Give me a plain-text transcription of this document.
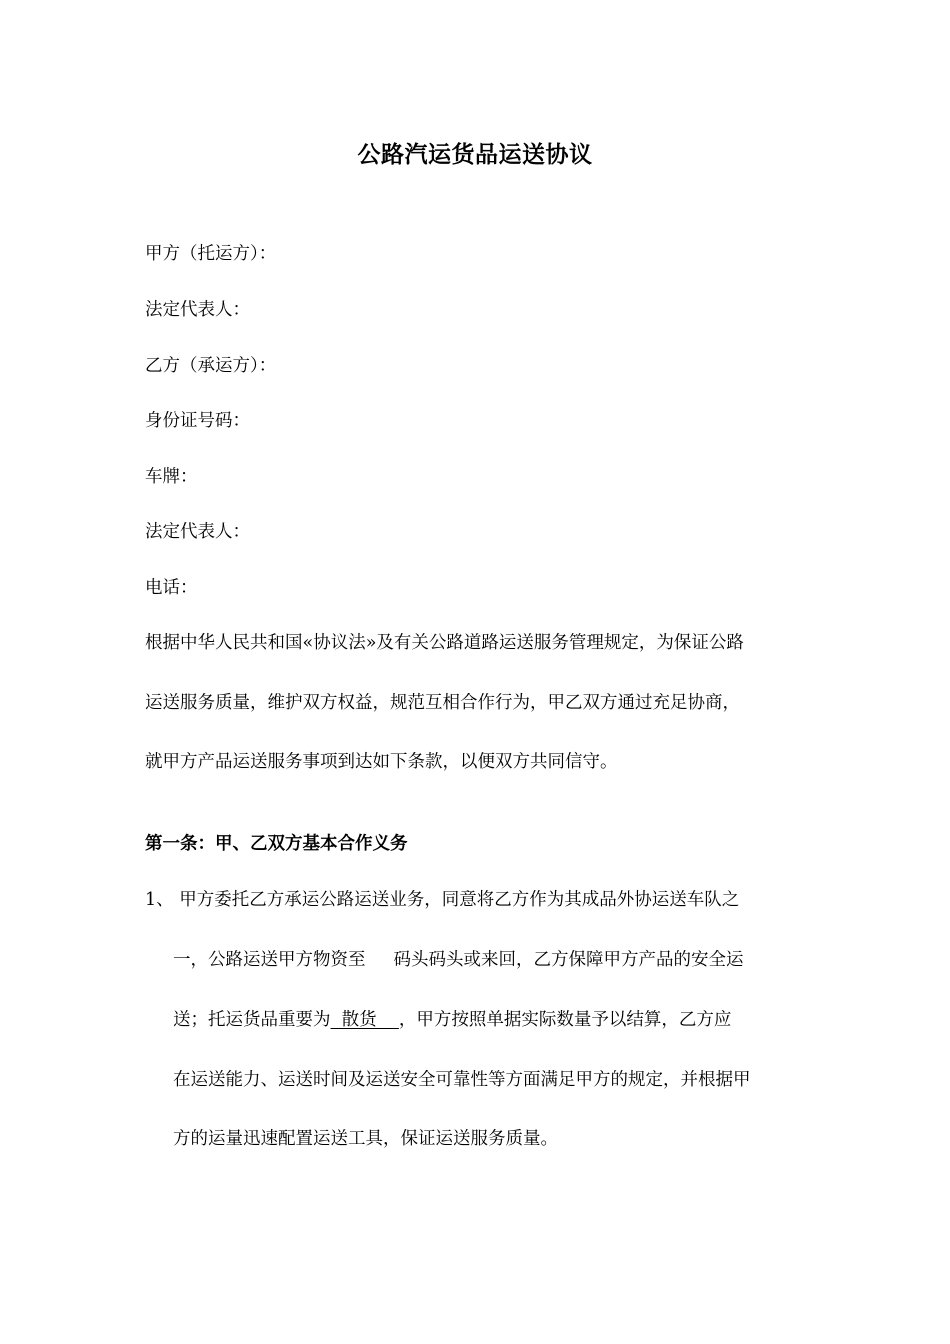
公路汽运货品运送协议
甲方（托运方）：
法定代表人：
乙方（承运方）：
身份证号码：
车牌：
法定代表人：
电话：
根据中华人民共和国«协议法»及有关公路道路运送服务管理规定，为保证公路
运送服务质量，维护双方权益，规范互相合作行为，甲乙双方通过充足协商，
就甲方产品运送服务事项到达如下条款，以便双方共同信守。
第一条：甲、乙双方基本合作义务
1、 甲方委托乙方承运公路运送业务，同意将乙方作为其成品外协运送车队之
一，公路运送甲方物资至 码头码头或来回，乙方保障甲方产品的安全运
送；托运货品重要为  散货    ，甲方按照单据实际数量予以结算，乙方应
在运送能力、运送时间及运送安全可靠性等方面满足甲方的规定，并根据甲
方的运量迅速配置运送工具，保证运送服务质量。
